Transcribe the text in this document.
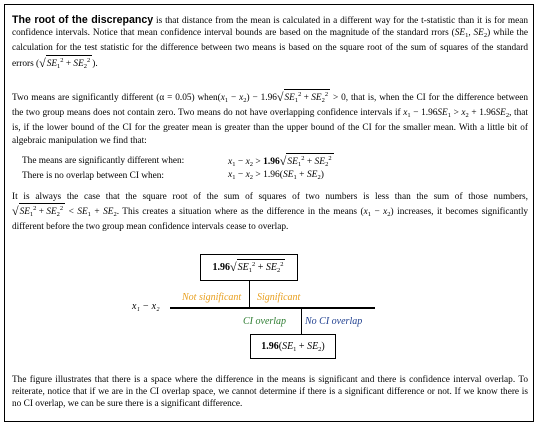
The root of the discrepancy is that distance from the mean is calculated in a different way for the t-statistic than it is for mean confidence intervals. Notice that mean confidence interval bounds are based on the magnitude of the standard rrors ($SE_1$, $SE_2$) while the calculation for the test statistic for the difference between two means is based on the square root of the sum of squares of the standard errors ($√SE_1^2 + SE_2^2$ ).
Two means are significantly different (α = 0.05) $when(x_1 - x_2) - 1.96√SE_1^2 + SE_2^2 > 0$, that is, when the CI for the difference between the two group means does not contain zero. Two means do not have overlapping confidence intervals if $x_1 - 1.96SE_1 > x_2 + 1.96SE_2$, that is, if the lower bound of the CI for the greater mean is greater than the upper bound of the CI for the smaller mean. With a little bit of algebraic manipulation we find that:
The means are significantly different when:	$x_1 - x_2 > 1.96√SE_1^2 + SE_2^2$
There is no overlap between CI when:	$x_1 - x_2 > 1.96(SE_1 + SE_2)$
It is always the case that the square root of the sum of squares of two numbers is less than the sum of those numbers, $√SE_1^2 + SE_2^2 < SE_1 + SE_2$. This creates a situation where as the difference in the means $(x_1 - x_2)$ increases, it becomes significantly different before the two group mean confidence intervals cease to overlap.
$1.96√SE_1^2 + SE_2^2$
x₁ − x₂
Not significant Significant
CI overlap No CI overlap
$1.96(SE_1 + SE_2)$
The figure illustrates that there is a space where the difference in the means is significant and there is confidence interval overlap. To reiterate, notice that if we are in the CI overlap space, we cannot determine if there is a significant difference or not. If we know there is no CI overlap, we can be sure there is a significant difference.
